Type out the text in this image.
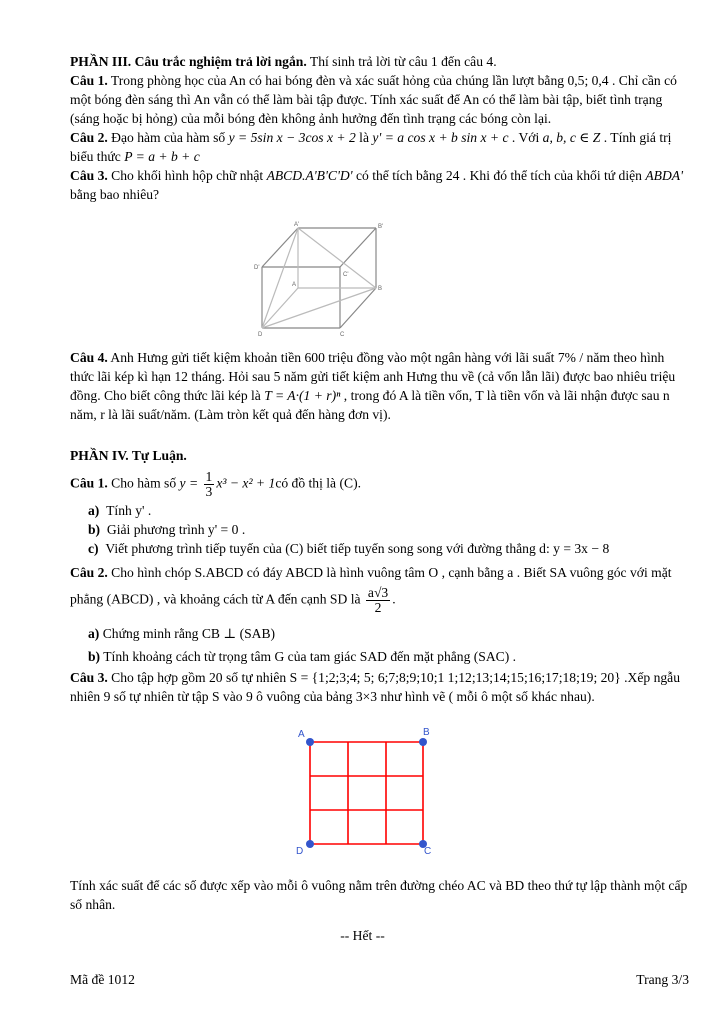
PHẦN III. Câu trắc nghiệm trả lời ngắn. Thí sinh trả lời từ câu 1 đến câu 4.
Câu 1. Trong phòng học của An có hai bóng đèn và xác suất hỏng của chúng lần lượt bằng 0,5; 0,4 . Chỉ cần có một bóng đèn sáng thì An vẫn có thể làm bài tập được. Tính xác suất để An có thể làm bài tập, biết tình trạng (sáng hoặc bị hỏng) của mỗi bóng đèn không ảnh hưởng đến tình trạng các bóng còn lại.
Câu 2. Đạo hàm của hàm số y = 5sin x − 3cos x + 2 là y' = a cos x + b sin x + c . Với a, b, c ∈ Z . Tính giá trị biểu thức P = a + b + c
Câu 3. Cho khối hình hộp chữ nhật ABCD.A'B'C'D' có thể tích bằng 24 . Khi đó thể tích của khối tứ diện ABDA' bằng bao nhiêu?
A'
D'
C'
B'
A
D
B
C
Câu 4. Anh Hưng gửi tiết kiệm khoản tiền 600 triệu đồng vào một ngân hàng với lãi suất 7% / năm theo hình thức lãi kép kì hạn 12 tháng. Hỏi sau 5 năm gửi tiết kiệm anh Hưng thu về (cả vốn lẫn lãi) được bao nhiêu triệu đồng. Cho biết công thức lãi kép là T = A·(1 + r)ⁿ , trong đó A là tiền vốn, T là tiền vốn và lãi nhận được sau n năm, r là lãi suất/năm. (Làm tròn kết quả đến hàng đơn vị).
PHẦN IV. Tự Luận.
Câu 1. Cho hàm số $y = \frac{1}{3} x^3 - x^2$ + 1có đồ thị là (C).
a) Tính y' .
b) Giải phương trình y' = 0 .
c) Viết phương trình tiếp tuyến của (C) biết tiếp tuyến song song với đường thẳng d: y = 3x − 8
Câu 2. Cho hình chóp S.ABCD có đáy ABCD là hình vuông tâm O , cạnh bằng a . Biết SA vuông góc với mặt phẳng (ABCD) , và khoảng cách từ A đến cạnh SD là $\frac{a√3}{2}$ .
a) Chứng minh rằng CB ⊥ (SAB)
b) Tính khoảng cách từ trọng tâm G của tam giác SAD đến mặt phẳng (SAC) .
Câu 3. Cho tập hợp gồm 20 số tự nhiên S = {1;2;3;4; 5; 6;7;8;9;10;1 1;12;13;14;15;16;17;18;19; 20} .Xếp ngẫu nhiên 9 số tự nhiên từ tập S vào 9 ô vuông của bảng 3×3 như hình vẽ ( mỗi ô một số khác nhau).
A	B
C
D
Tính xác suất để các số được xếp vào mỗi ô vuông nằm trên đường chéo AC và BD theo thứ tự lập thành một cấp số nhân.
-- Hết --
Mã đề 1012	Trang 3/3
